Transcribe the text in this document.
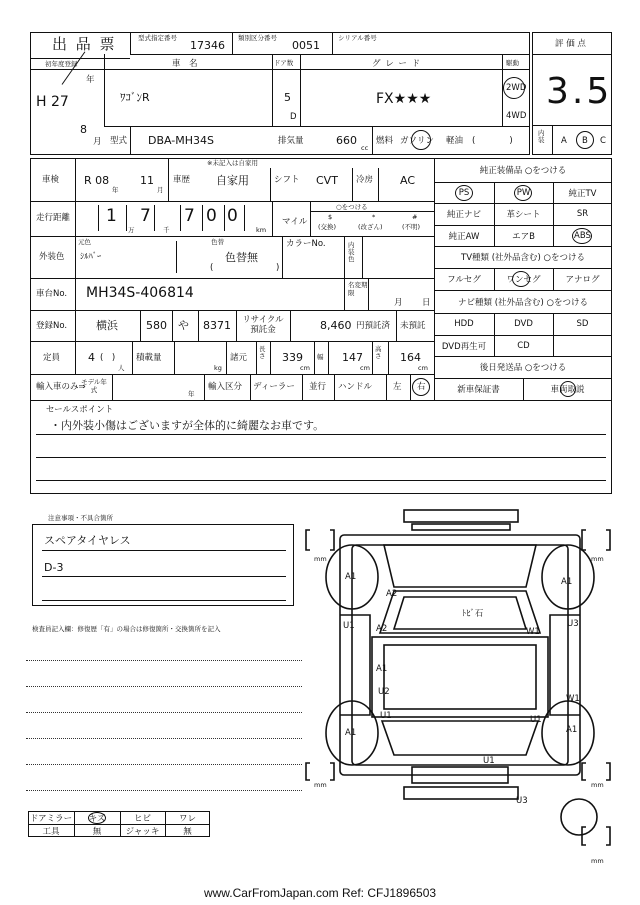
出 品 票	型式指定番号
17346
類別区分番号
0051
シリアル番号
評 価 点
3.5
初年度登録
年
H 27
8
月
車　名
ﾜｺﾞﾝR
ドア数
5
D
グ レ ー ド
FX★★★
駆動
2WD
4WD
型式 DBA-MH34S	排気量	660
cc
燃料 ガソリン 軽油 (　　　　)
内装	A B C
車検 R 08
年
11
月
※未記入は自家用
車歴 自家用	シフト CVT 冷房 AC
走行距離 1
万
7
千
7 0 0
km
マイル
○をつける
$
(交換)
*
(改ざん)
#
(不明)
外装色
元色
ｼﾙﾊﾞｰ
色替
色替無
(	)
カラーNo.	内装色
車台No. MH34S-406814	名変期限
月 日
登録No.	横浜	580 や 8371 リサイクル預託金	8,460 円預託済 未預託
定員	4 (　)
人
積載量
kg
諸元
長さ 339
cm
幅 147
cm
高さ 164
cm
輸入車のみ⇒
モデル年式	年
輸入区分 ディーラー 並行 ハンドル 左 右
純正装備品 ○をつける
PS	PW	純正TV
純正ナビ	革シート	SR
純正AW	エアB	ABS
TV種類 (社外品含む) ○をつける
フルセグ	ワンセグ	アナログ
ナビ種類 (社外品含む) ○をつける
HDD	DVD	SD
DVD再生可	CD
後日発送品 ○をつける
新車保証書	車両取説
セールスポイント
・内外装小傷はございますが全体的に綺麗なお車です。
注意事項・不具合箇所
スペアタイヤレス
D-3
検査員記入欄：修復歴「有」の場合は修復箇所・交換箇所を記入
ドアミラー	キズ	ヒビ	ワレ
工具	無	ジャッキ	無
mm	mm
mm	mm
mm
A1	A1
A2
ﾄﾋﾞ石
U1	A2	W1
U3
A1
U2
W1
U1	U1
A1	A1
U1
U3
www.CarFromJapan.com Ref: CFJ1896503
